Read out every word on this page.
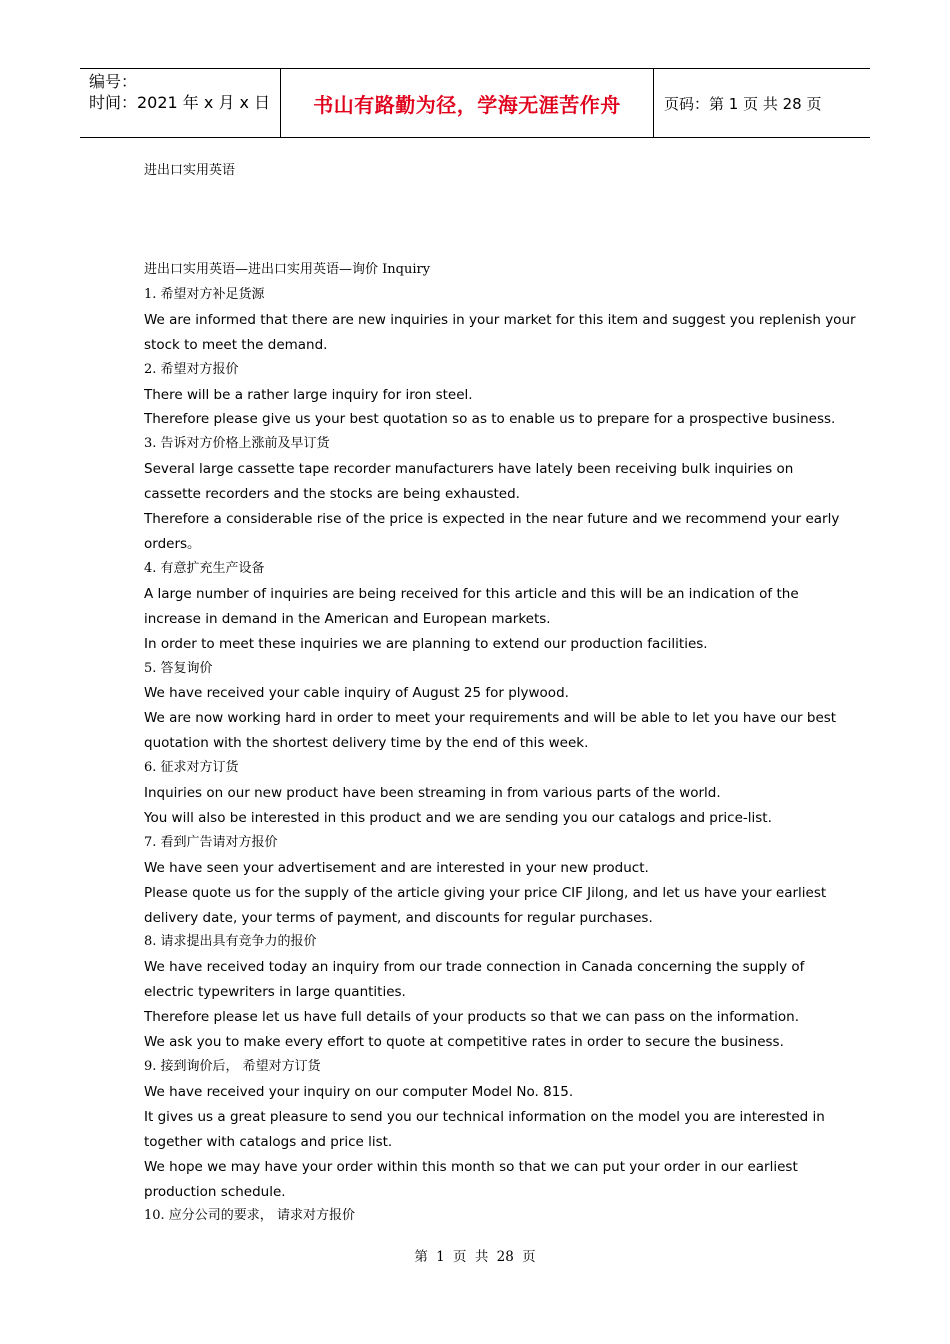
编号：
时间：2021 年 x 月 x 日	书山有路勤为径，学海无涯苦作舟	页码：第 1 页 共 28 页

进出口实用英语

进出口实用英语—进出口实用英语—询价 Inquiry

1. 希望对方补足货源

We are informed that there are new inquiries in your market for this item and suggest you replenish your

stock to meet the demand.

2. 希望对方报价

There will be a rather large inquiry for iron steel.

Therefore please give us your best quotation so as to enable us to prepare for a prospective business.

3. 告诉对方价格上涨前及早订货

Several large cassette tape recorder manufacturers have lately been receiving bulk inquiries on

cassette recorders and the stocks are being exhausted.

Therefore a considerable rise of the price is expected in the near future and we recommend your early

orders。

4. 有意扩充生产设备

A large number of inquiries are being received for this article and this will be an indication of the

increase in demand in the American and European markets.

In order to meet these inquiries we are planning to extend our production facilities.

5. 答复询价

We have received your cable inquiry of August 25 for plywood.

We are now working hard in order to meet your requirements and will be able to let you have our best

quotation with the shortest delivery time by the end of this week.

6. 征求对方订货

Inquiries on our new product have been streaming in from various parts of the world.

You will also be interested in this product and we are sending you our catalogs and price-list.

7. 看到广告请对方报价

We have seen your advertisement and are interested in your new product.

Please quote us for the supply of the article giving your price CIF Jilong, and let us have your earliest

delivery date, your terms of payment, and discounts for regular purchases.

8. 请求提出具有竞争力的报价

We have received today an inquiry from our trade connection in Canada concerning the supply of

electric typewriters in large quantities.

Therefore please let us have full details of your products so that we can pass on the information.

We ask you to make every effort to quote at competitive rates in order to secure the business.

9. 接到询价后， 希望对方订货

We have received your inquiry on our computer Model No. 815.

It gives us a great pleasure to send you our technical information on the model you are interested in

together with catalogs and price list.

We hope we may have your order within this month so that we can put your order in our earliest

production schedule.

10. 应分公司的要求， 请求对方报价

第 1 页 共 28 页
